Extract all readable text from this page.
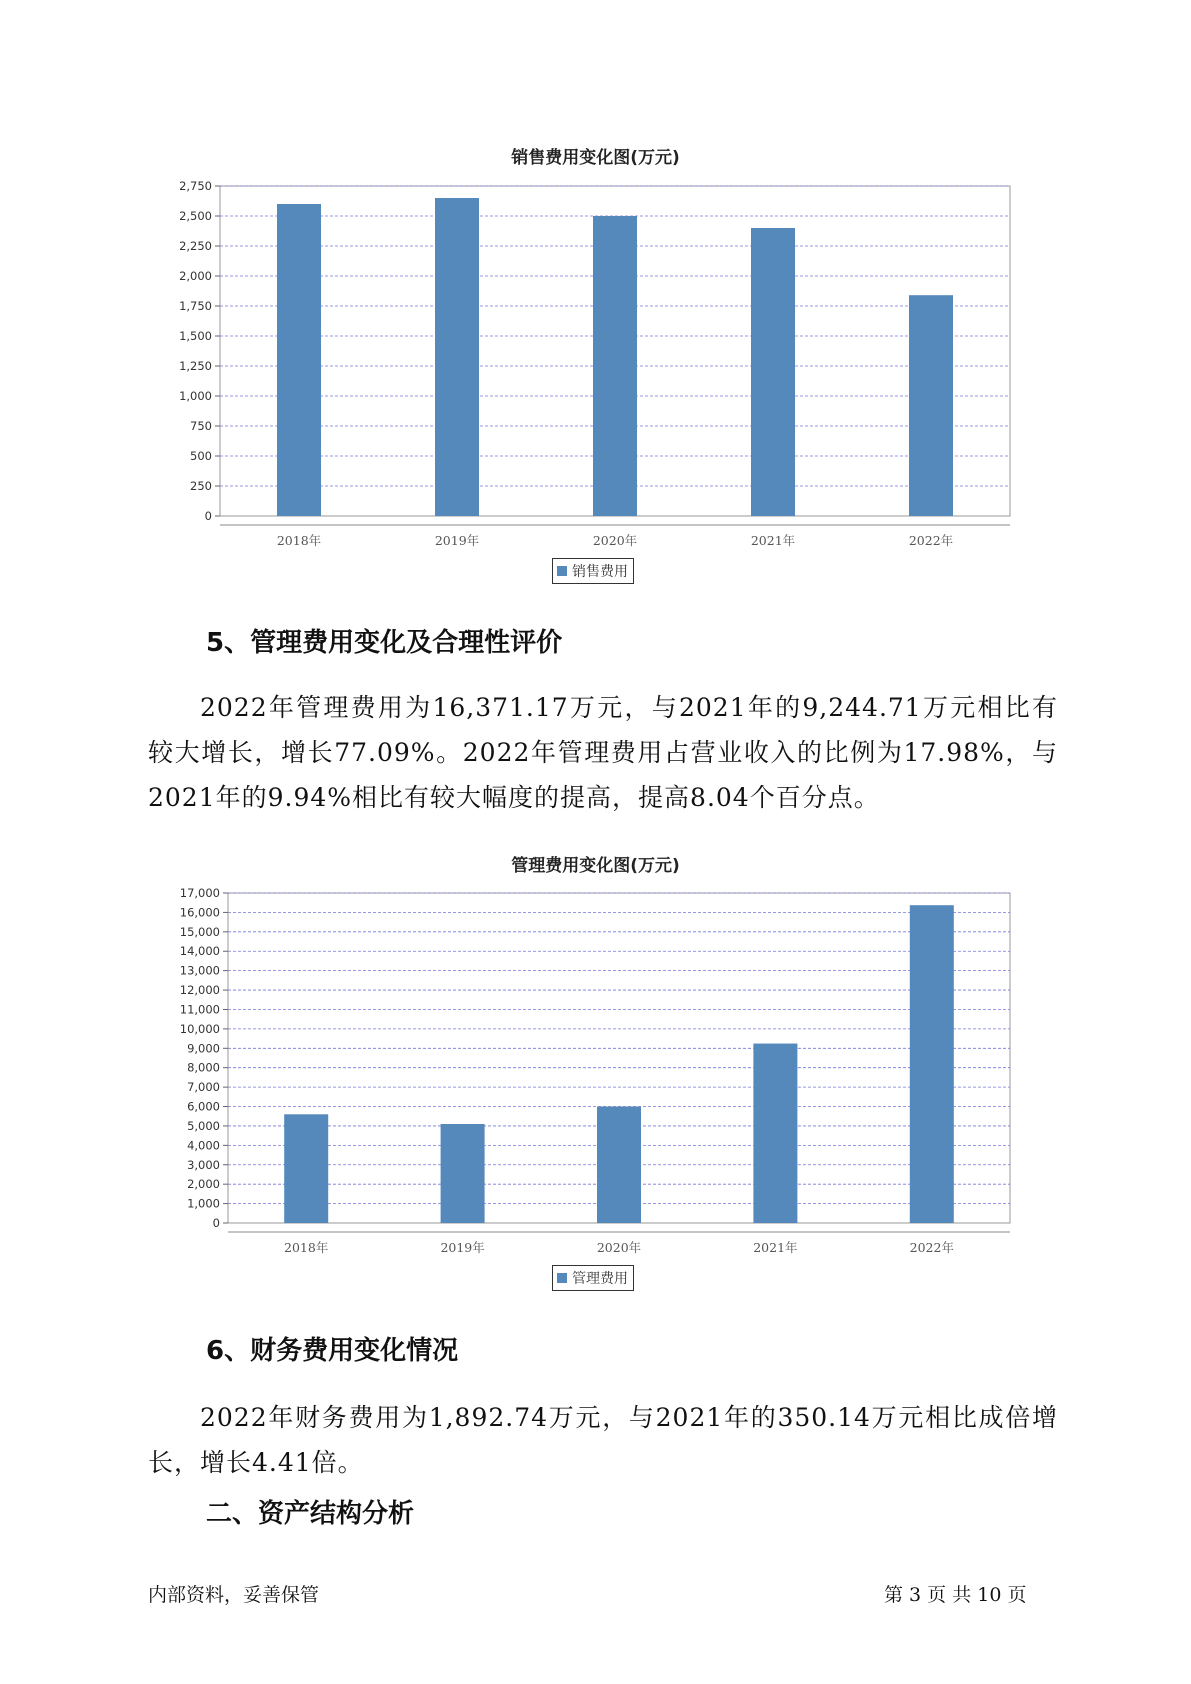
销售费用变化图(万元)
0
250
500
750
1,000
1,250
1,500
1,750
2,000
2,250
2,500
2,750
2018年	2019年	2020年	2021年	2022年
销售费用
5、管理费用变化及合理性评价

2022年管理费用为16,371.17万元，与2021年的9,244.71万元相比有较大增长，增长77.09%。2022年管理费用占营业收入的比例为17.98%，与2021年的9.94%相比有较大幅度的提高，提高8.04个百分点。

管理费用变化图(万元)
0
1,000
2,000
3,000
4,000
5,000
6,000
7,000
8,000
9,000
10,000
11,000
12,000
13,000
14,000
15,000
16,000
17,000
2018年	2019年	2020年	2021年	2022年
管理费用
6、财务费用变化情况

2022年财务费用为1,892.74万元，与2021年的350.14万元相比成倍增长，增长4.41倍。

二、资产结构分析
内部资料，妥善保管	第 3 页 共 10 页
